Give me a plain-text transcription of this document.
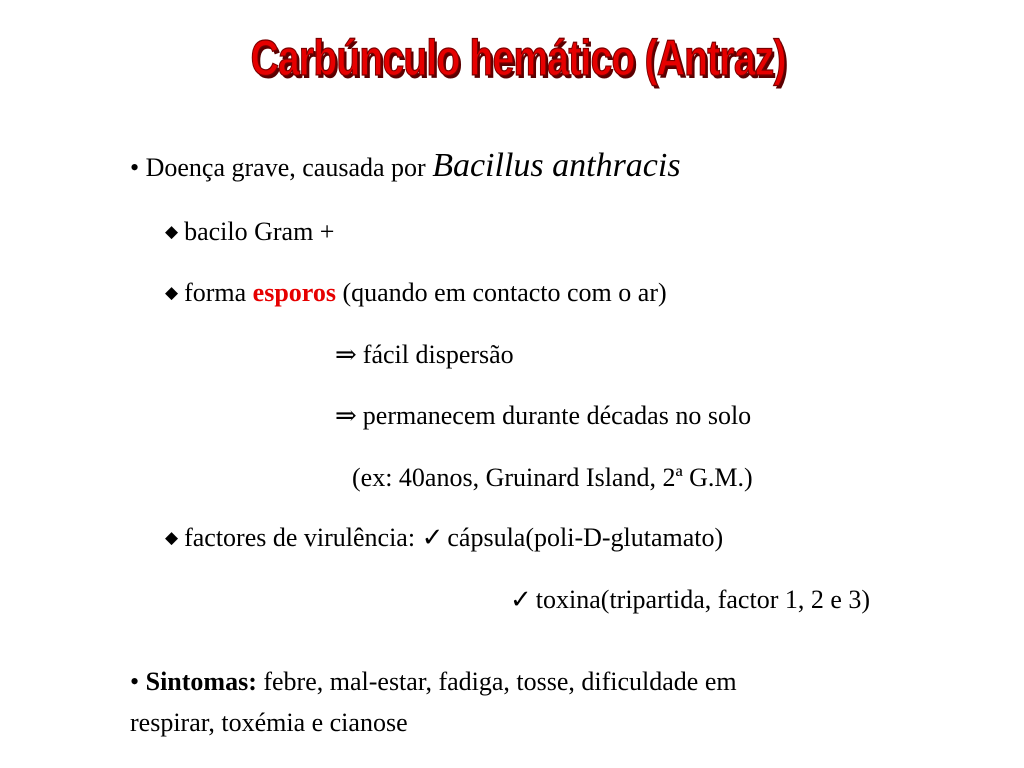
Carbúnculo hemático (Antraz)
• Doença grave, causada por Bacillus anthracis
◆ bacilo Gram +
◆ forma esporos (quando em contacto com o ar)
⇒ fácil dispersão
⇒ permanecem durante décadas no solo
(ex: 40anos, Gruinard Island, 2ª G.M.)
◆ factores de virulência: ✓ cápsula(poli-D-glutamato)
✓ toxina(tripartida, factor 1, 2 e 3)
• Sintomas: febre, mal-estar, fadiga, tosse, dificuldade em
respirar, toxémia e cianose
